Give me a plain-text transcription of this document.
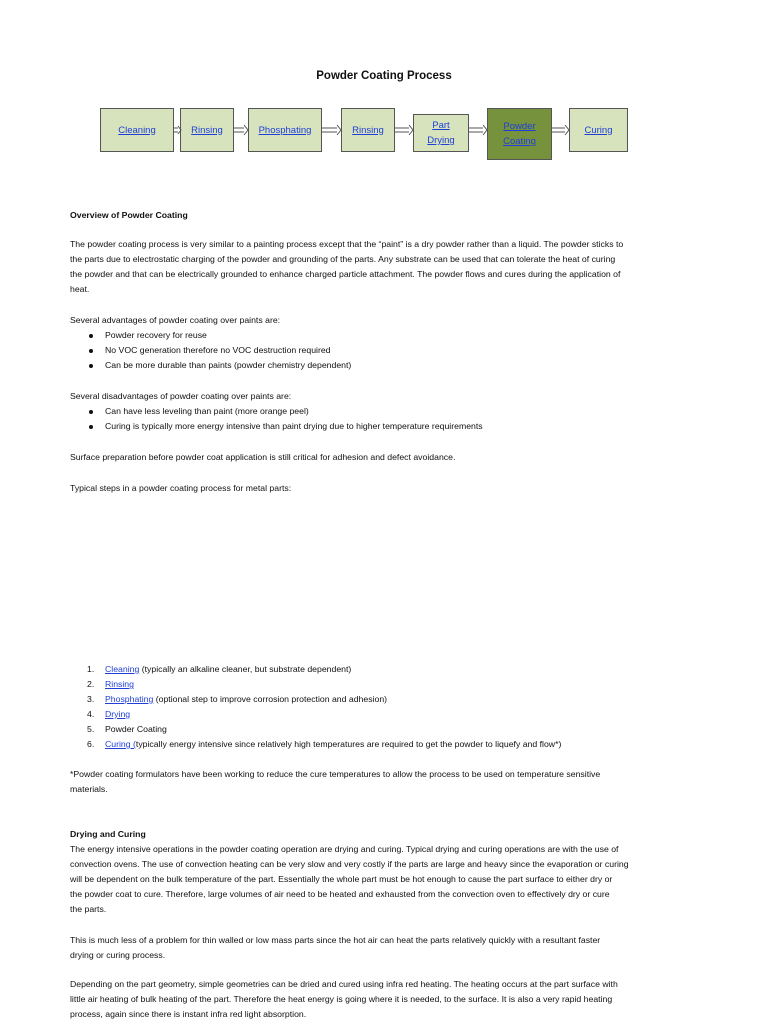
Powder Coating Process
Cleaning	Rinsing	Phosphating	Rinsing	Part
Drying
Powder
Coating
Curing
Overview of Powder Coating
The powder coating process is very similar to a painting process except that the “paint” is a dry powder rather than a liquid. The powder sticks to
the parts due to electrostatic charging of the powder and grounding of the parts. Any substrate can be used that can tolerate the heat of curing
the powder and that can be electrically grounded to enhance charged particle attachment. The powder flows and cures during the application of
heat.
Several advantages of powder coating over paints are:
Powder recovery for reuse
No VOC generation therefore no VOC destruction required
Can be more durable than paints (powder chemistry dependent)
Several disadvantages of powder coating over paints are:
Can have less leveling than paint (more orange peel)
Curing is typically more energy intensive than paint drying due to higher temperature requirements
Surface preparation before powder coat application is still critical for adhesion and defect avoidance.
Typical steps in a powder coating process for metal parts:
1. Cleaning (typically an alkaline cleaner, but substrate dependent)
2. Rinsing
3. Phosphating (optional step to improve corrosion protection and adhesion)
4. Drying
5. Powder Coating
6. Curing (typically energy intensive since relatively high temperatures are required to get the powder to liquefy and flow*)
*Powder coating formulators have been working to reduce the cure temperatures to allow the process to be used on temperature sensitive
materials.
Drying and Curing
The energy intensive operations in the powder coating operation are drying and curing. Typical drying and curing operations are with the use of
convection ovens. The use of convection heating can be very slow and very costly if the parts are large and heavy since the evaporation or curing
will be dependent on the bulk temperature of the part. Essentially the whole part must be hot enough to cause the part surface to either dry or
the powder coat to cure. Therefore, large volumes of air need to be heated and exhausted from the convection oven to effectively dry or cure
the parts.
This is much less of a problem for thin walled or low mass parts since the hot air can heat the parts relatively quickly with a resultant faster
drying or curing process.
Depending on the part geometry, simple geometries can be dried and cured using infra red heating. The heating occurs at the part surface with
little air heating of bulk heating of the part. Therefore the heat energy is going where it is needed, to the surface. It is also a very rapid heating
process, again since there is instant infra red light absorption.
